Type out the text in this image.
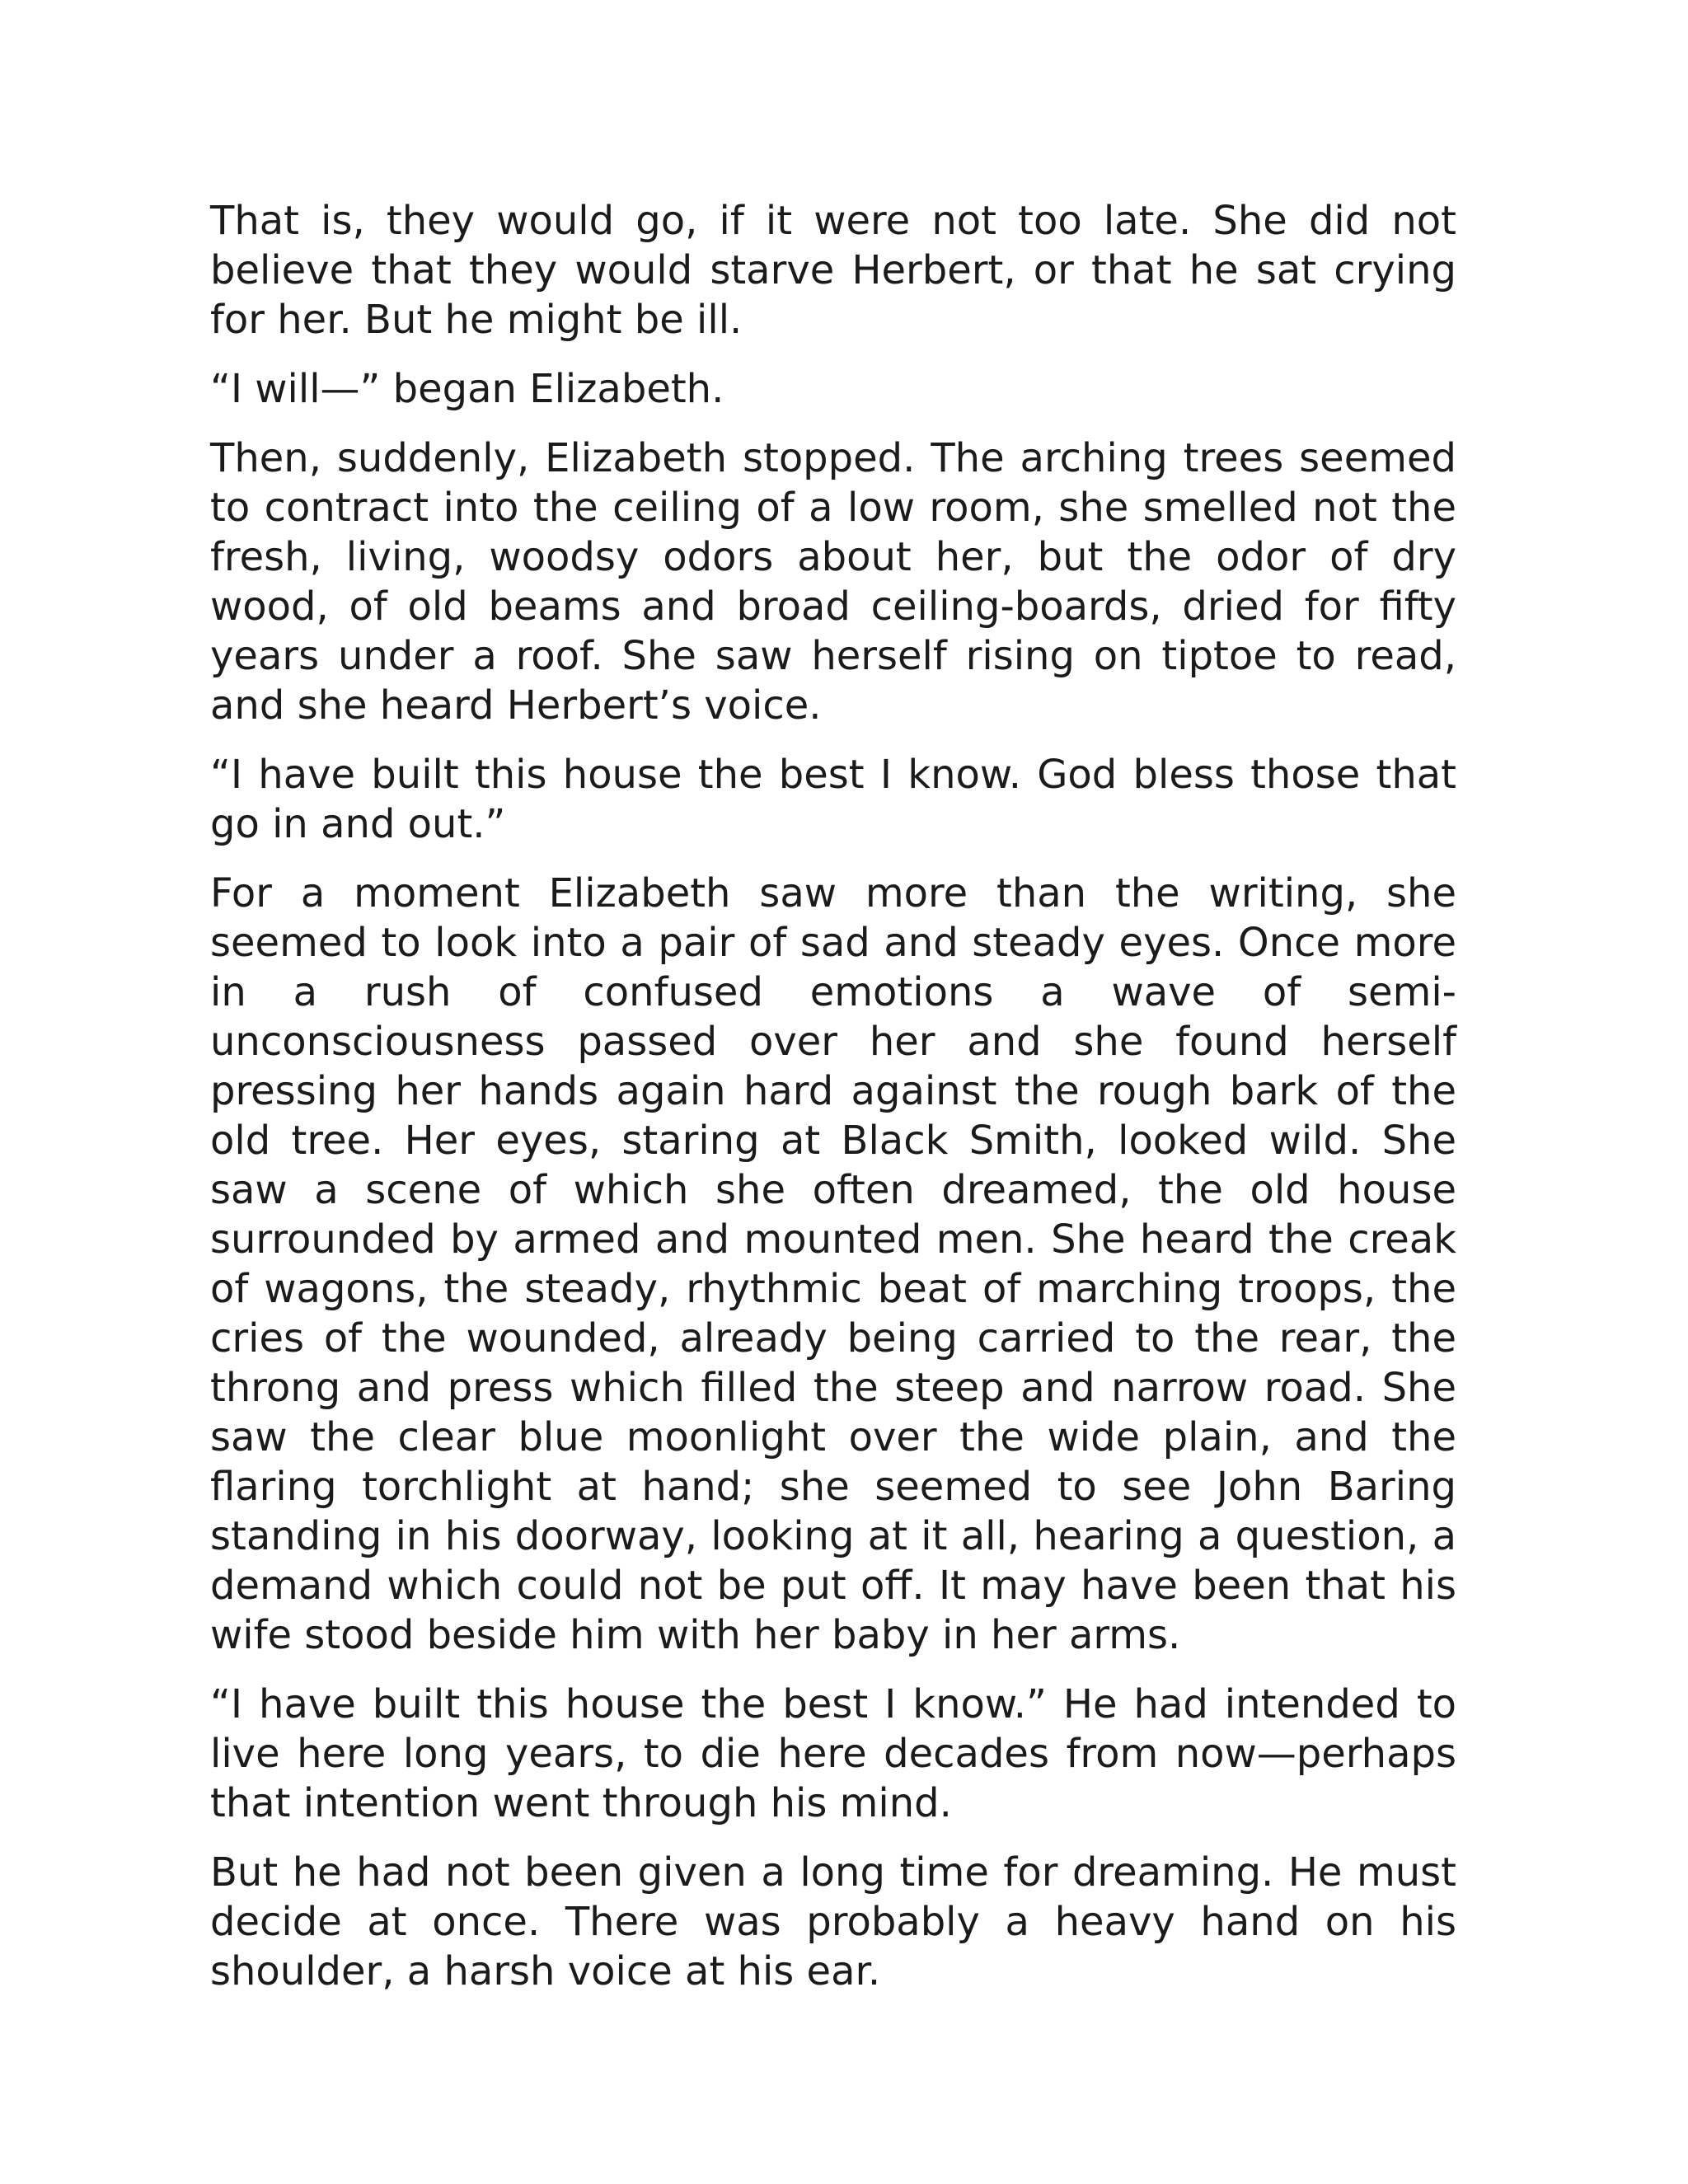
That is, they would go, if it were not too late. She did not believe that they would starve Herbert, or that he sat crying for her. But he might be ill.

“I will—” began Elizabeth.

Then, suddenly, Elizabeth stopped. The arching trees seemed to contract into the ceiling of a low room, she smelled not the fresh, living, woodsy odors about her, but the odor of dry wood, of old beams and broad ceiling-boards, dried for fifty years under a roof. She saw herself rising on tiptoe to read, and she heard Herbert’s voice.

“I have built this house the best I know. God bless those that go in and out.”

For a moment Elizabeth saw more than the writing, she seemed to look into a pair of sad and steady eyes. Once more in a rush of confused emotions a wave of semi-unconsciousness passed over her and she found herself pressing her hands again hard against the rough bark of the old tree. Her eyes, staring at Black Smith, looked wild. She saw a scene of which she often dreamed, the old house surrounded by armed and mounted men. She heard the creak of wagons, the steady, rhythmic beat of marching troops, the cries of the wounded, already being carried to the rear, the throng and press which filled the steep and narrow road. She saw the clear blue moonlight over the wide plain, and the flaring torchlight at hand; she seemed to see John Baring standing in his doorway, looking at it all, hearing a question, a demand which could not be put off. It may have been that his wife stood beside him with her baby in her arms.

“I have built this house the best I know.” He had intended to live here long years, to die here decades from now—perhaps that intention went through his mind.

But he had not been given a long time for dreaming. He must decide at once. There was probably a heavy hand on his shoulder, a harsh voice at his ear.
